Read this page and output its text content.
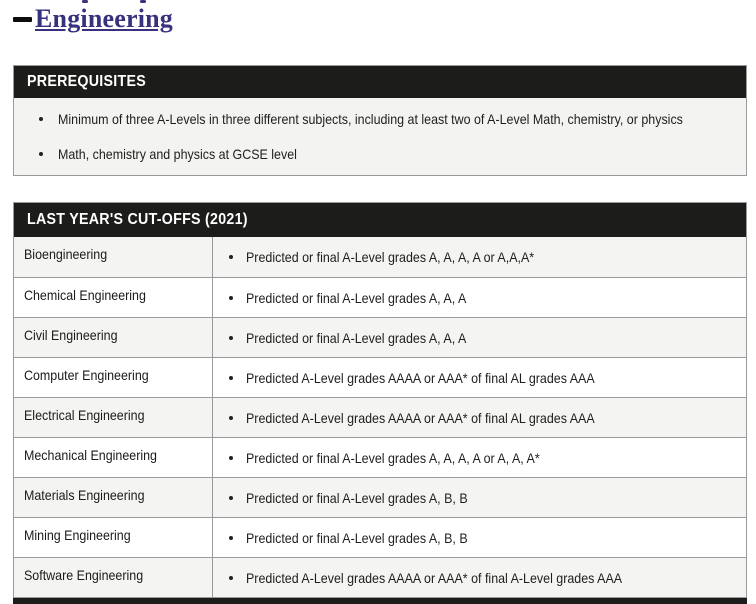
Engineering
PREREQUISITES
Minimum of three A-Levels in three different subjects, including at least two of A-Level Math, chemistry, or physics
Math, chemistry and physics at GCSE level
LAST YEAR'S CUT-OFFS (2021)
Bioengineering	Predicted or final A-Level grades A, A, A, A or A,A,A*
Chemical Engineering	Predicted or final A-Level grades A, A, A
Civil Engineering	Predicted or final A-Level grades A, A, A
Computer Engineering	Predicted A-Level grades AAAA or AAA* of final AL grades AAA
Electrical Engineering	Predicted A-Level grades AAAA or AAA* of final AL grades AAA
Mechanical Engineering	Predicted or final A-Level grades A, A, A, A or A, A, A*
Materials Engineering	Predicted or final A-Level grades A, B, B
Mining Engineering	Predicted or final A-Level grades A, B, B
Software Engineering	Predicted A-Level grades AAAA or AAA* of final A-Level grades AAA
